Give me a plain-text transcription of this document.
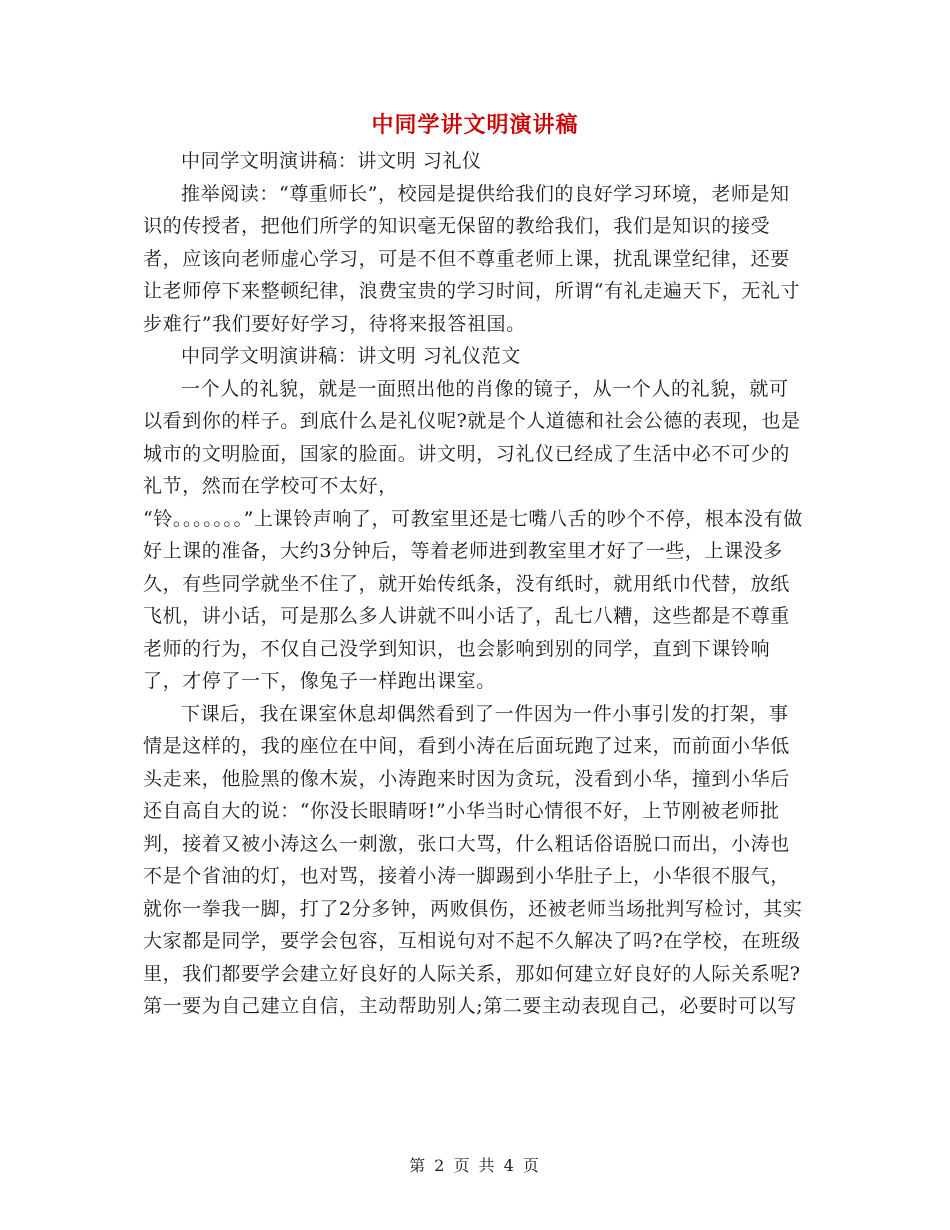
中同学讲文明演讲稿

中同学文明演讲稿：讲文明 习礼仪

推举阅读：“尊重师长”，校园是提供给我们的良好学习环境，老师是知识的传授者，把他们所学的知识毫无保留的教给我们，我们是知识的接受者，应该向老师虚心学习，可是不但不尊重老师上课，扰乱课堂纪律，还要让老师停下来整顿纪律，浪费宝贵的学习时间，所谓“有礼走遍天下，无礼寸步难行”我们要好好学习，待将来报答祖国。

中同学文明演讲稿：讲文明 习礼仪范文

一个人的礼貌，就是一面照出他的肖像的镜子，从一个人的礼貌，就可以看到你的样子。到底什么是礼仪呢?就是个人道德和社会公德的表现，也是城市的文明脸面，国家的脸面。讲文明，习礼仪已经成了生活中必不可少的礼节，然而在学校可不太好，

“铃。。。。。。。”上课铃声响了，可教室里还是七嘴八舌的吵个不停，根本没有做好上课的准备，大约3分钟后，等着老师进到教室里才好了一些，上课没多久，有些同学就坐不住了，就开始传纸条，没有纸时，就用纸巾代替，放纸飞机，讲小话，可是那么多人讲就不叫小话了，乱七八糟，这些都是不尊重老师的行为，不仅自己没学到知识，也会影响到别的同学，直到下课铃响了，才停了一下，像兔子一样跑出课室。

下课后，我在课室休息却偶然看到了一件因为一件小事引发的打架，事情是这样的，我的座位在中间，看到小涛在后面玩跑了过来，而前面小华低头走来，他脸黑的像木炭，小涛跑来时因为贪玩，没看到小华，撞到小华后还自高自大的说：“你没长眼睛呀!”小华当时心情很不好，上节刚被老师批判，接着又被小涛这么一刺激，张口大骂，什么粗话俗语脱口而出，小涛也不是个省油的灯，也对骂，接着小涛一脚踢到小华肚子上，小华很不服气，就你一拳我一脚，打了2分多钟，两败俱伤，还被老师当场批判写检讨，其实大家都是同学，要学会包容，互相说句对不起不久解决了吗?在学校，在班级里，我们都要学会建立好良好的人际关系，那如何建立好良好的人际关系呢?第一要为自己建立自信，主动帮助别人;第二要主动表现自己，必要时可以写

第 2 页 共 4 页
